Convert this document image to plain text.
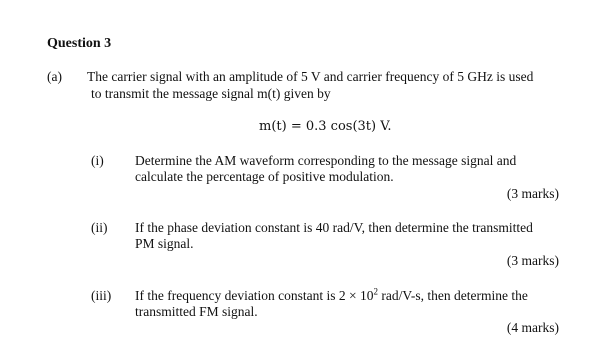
Question 3
(a) The carrier signal with an amplitude of 5 V and carrier frequency of 5 GHz is used
to transmit the message signal m(t) given by
m(t) = 0.3 cos(3t) V.
(i) Determine the AM waveform corresponding to the message signal and
calculate the percentage of positive modulation.
(3 marks)
(ii) If the phase deviation constant is 40 rad/V, then determine the transmitted
PM signal.
(3 marks)
(iii) If the frequency deviation constant is $2 \times 10^2$ rad/V-s, then determine the
transmitted FM signal.
(4 marks)
